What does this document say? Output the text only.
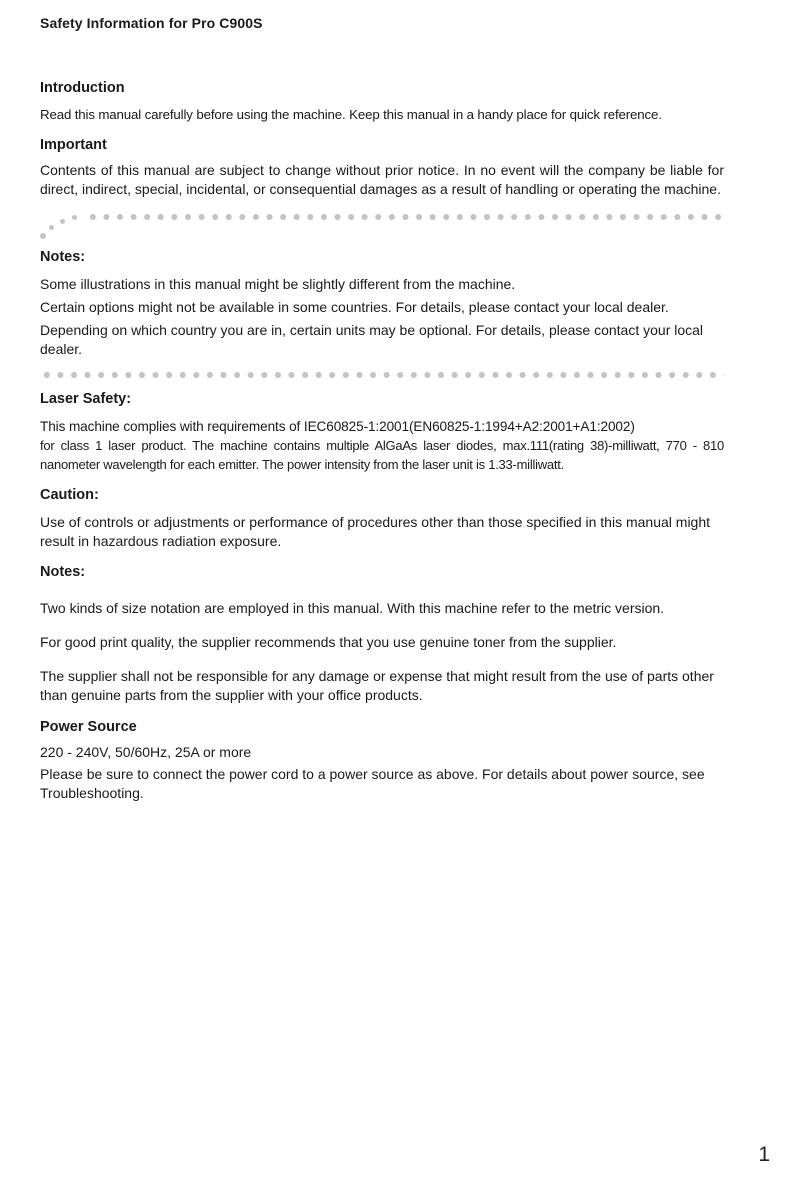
Safety Information for Pro C900S
Introduction
Read this manual carefully before using the machine. Keep this manual in a handy place for quick reference.
Important
Contents of this manual are subject to change without prior notice. In no event will the company be liable for direct, indirect, special, incidental, or consequential damages as a result of handling or operating the machine.
Notes:
Some illustrations in this manual might be slightly different from the machine.
Certain options might not be available in some countries. For details, please contact your local dealer.
Depending on which country you are in, certain units may be optional. For details, please contact your local dealer.
Laser Safety:
This machine complies with requirements of IEC60825-1:2001(EN60825-1:1994+A2:2001+A1:2002)
for class 1 laser product. The machine contains multiple AlGaAs laser diodes, max.111(rating 38)-milliwatt, 770 - 810 nanometer wavelength for each emitter. The power intensity from the laser unit is 1.33-milliwatt.
Caution:
Use of controls or adjustments or performance of procedures other than those specified in this manual might result in hazardous radiation exposure.
Notes:
Two kinds of size notation are employed in this manual. With this machine refer to the metric version.
For good print quality, the supplier recommends that you use genuine toner from the supplier.
The supplier shall not be responsible for any damage or expense that might result from the use of parts other than genuine parts from the supplier with your office products.
Power Source
220 - 240V, 50/60Hz, 25A or more
Please be sure to connect the power cord to a power source as above. For details about power source, see Troubleshooting.
1
